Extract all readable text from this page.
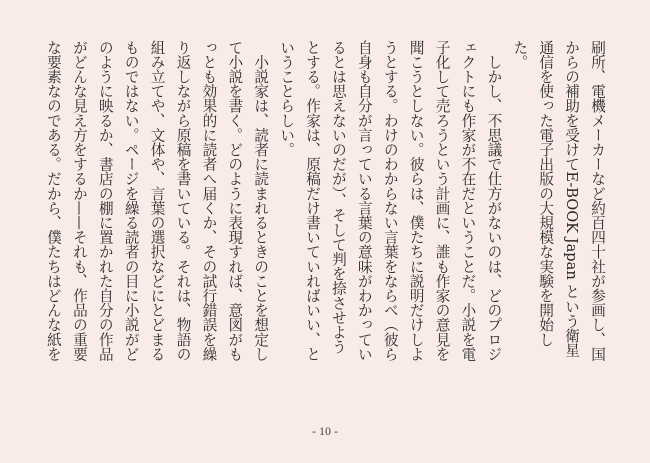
刷所、電機メーカーなど約百四十社が参画し、国
からの補助を受けてE-BOOK Japan という衛星
通信を使った電子出版の大規模な実験を開始し
た。

　しかし、不思議で仕方がないのは、どのプロジ
ェクトにも作家が不在だということだ。小説を電
子化して売ろうという計画に、誰も作家の意見を
聞こうとしない。彼らは、僕たちに説明だけしよ
うとする。わけのわからない言葉をならべ（彼ら
自身も自分が言っている言葉の意味がわかってい
るとは思えないのだが）、そして判を捺させよう
とする。作家は、原稿だけ書いていればいい、と
いうことらしい。

　小説家は、読者に読まれるときのことを想定し
て小説を書く。どのように表現すれば、意図がも
っとも効果的に読者へ届くか、その試行錯誤を繰
り返しながら原稿を書いている。それは、物語の
組み立てや、文体や、言葉の選択などにとどまる
ものではない。ページを繰る読者の目に小説がど
のように映るか、書店の棚に置かれた自分の作品
がどんな見え方をするか——それも、作品の重要
な要素なのである。だから、僕たちはどんな紙を

- 10 -
